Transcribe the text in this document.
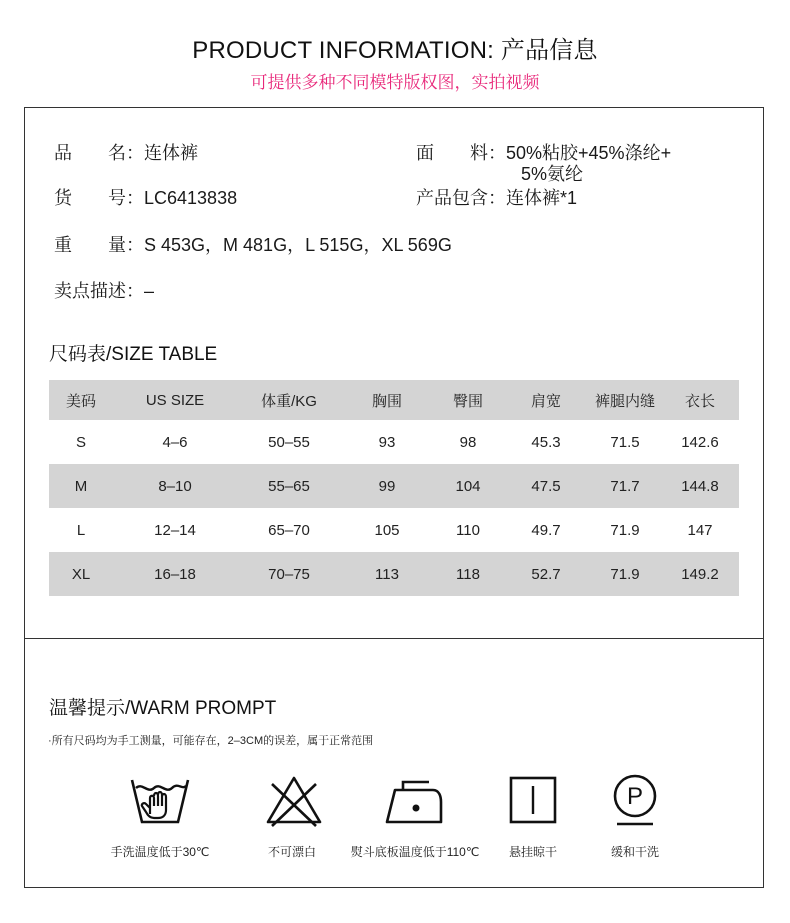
PRODUCT INFORMATION: 产品信息
可提供多种不同模特版权图，实拍视频
品　　名：连体裤	面　　料：50%粘胶+45%涤纶+
5%氨纶
货　　号：LC6413838	产品包含：连体裤*1
重　　量：S 453G，M 481G，L 515G，XL 569G
卖点描述：–
尺码表/SIZE TABLE
美码	US SIZE	体重/KG	胸围	臀围	肩宽	裤腿内缝	衣长
S	4–6	50–55	93	98	45.3	71.5	142.6
M	8–10	55–65	99	104	47.5	71.7	144.8
L	12–14	65–70	105	110	49.7	71.9	147
XL	16–18	70–75	113	118	52.7	71.9	149.2
温馨提示/WARM PROMPT
·所有尺码均为手工测量，可能存在，2–3CM的误差，属于正常范围
手洗温度低于30℃	不可漂白	熨斗底板温度低于110℃	悬挂晾干
P
缓和干洗
